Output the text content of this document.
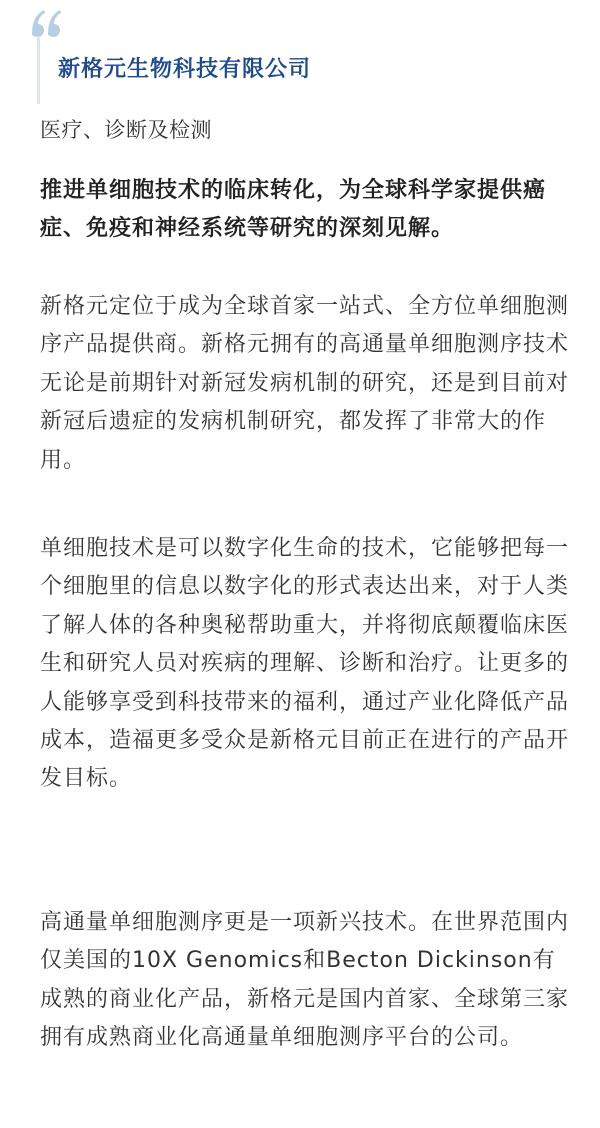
新格元生物科技有限公司
医疗、诊断及检测
推进单细胞技术的临床转化，为全球科学家提供癌症、免疫和神经系统等研究的深刻见解。
新格元定位于成为全球首家一站式、全方位单细胞测序产品提供商。新格元拥有的高通量单细胞测序技术无论是前期针对新冠发病机制的研究，还是到目前对新冠后遗症的发病机制研究，都发挥了非常大的作用。
单细胞技术是可以数字化生命的技术，它能够把每一个细胞里的信息以数字化的形式表达出来，对于人类了解人体的各种奥秘帮助重大，并将彻底颠覆临床医生和研究人员对疾病的理解、诊断和治疗。让更多的人能够享受到科技带来的福利，通过产业化降低产品成本，造福更多受众是新格元目前正在进行的产品开发目标。
高通量单细胞测序更是一项新兴技术。在世界范围内仅美国的10X Genomics和Becton Dickinson有成熟的商业化产品，新格元是国内首家、全球第三家拥有成熟商业化高通量单细胞测序平台的公司。
